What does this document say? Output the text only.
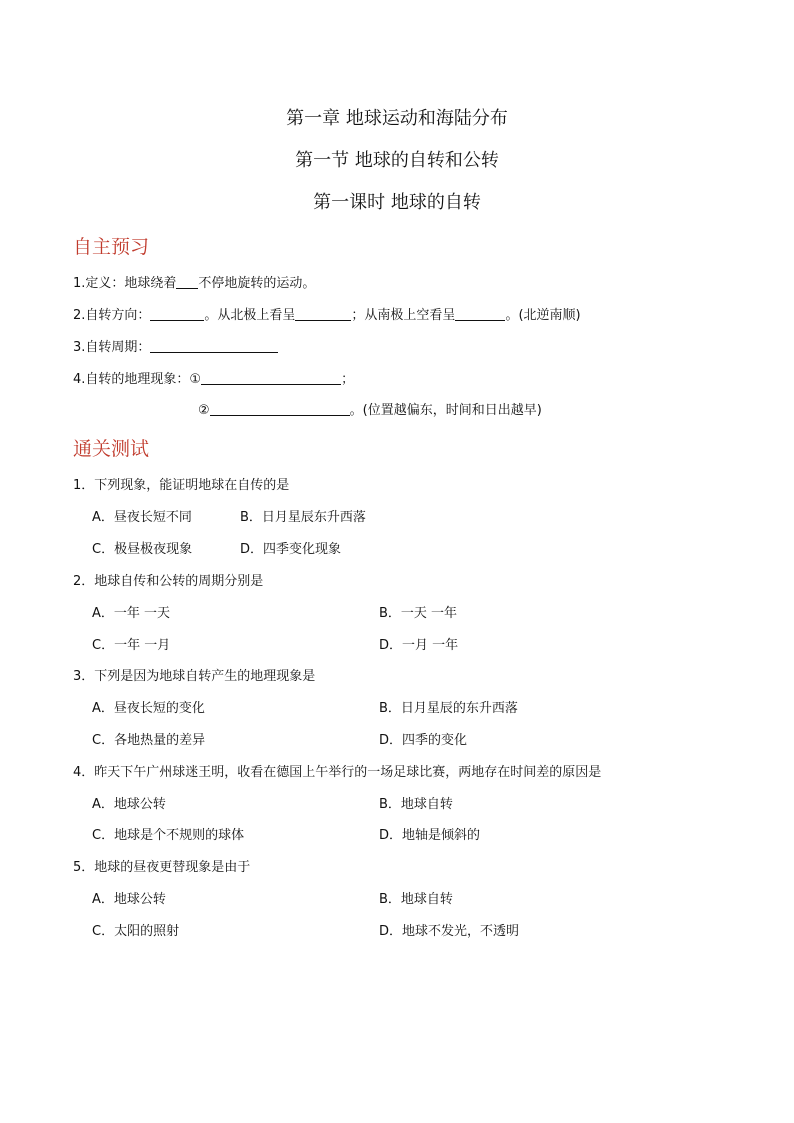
第一章 地球运动和海陆分布
第一节 地球的自转和公转
第一课时 地球的自转
自主预习
1.定义：地球绕着 不停地旋转的运动。
2.自转方向：	。从北极上看呈	；从南极上空看呈	。(北逆南顺)
3.自转周期：
4.自转的地理现象：①	；
②	。(位置越偏东，时间和日出越早)
通关测试
1．下列现象，能证明地球在自传的是
A．昼夜长短不同	B．日月星辰东升西落
C．极昼极夜现象	D．四季变化现象
2．地球自传和公转的周期分别是
A．一年 一天	B．一天 一年
C．一年 一月	D．一月 一年
3．下列是因为地球自转产生的地理现象是
A．昼夜长短的变化	B．日月星辰的东升西落
C．各地热量的差异	D．四季的变化
4．昨天下午广州球迷王明，收看在德国上午举行的一场足球比赛，两地存在时间差的原因是
A．地球公转	B．地球自转
C．地球是个不规则的球体	D．地轴是倾斜的
5．地球的昼夜更替现象是由于
A．地球公转	B．地球自转
C．太阳的照射	D．地球不发光，不透明
